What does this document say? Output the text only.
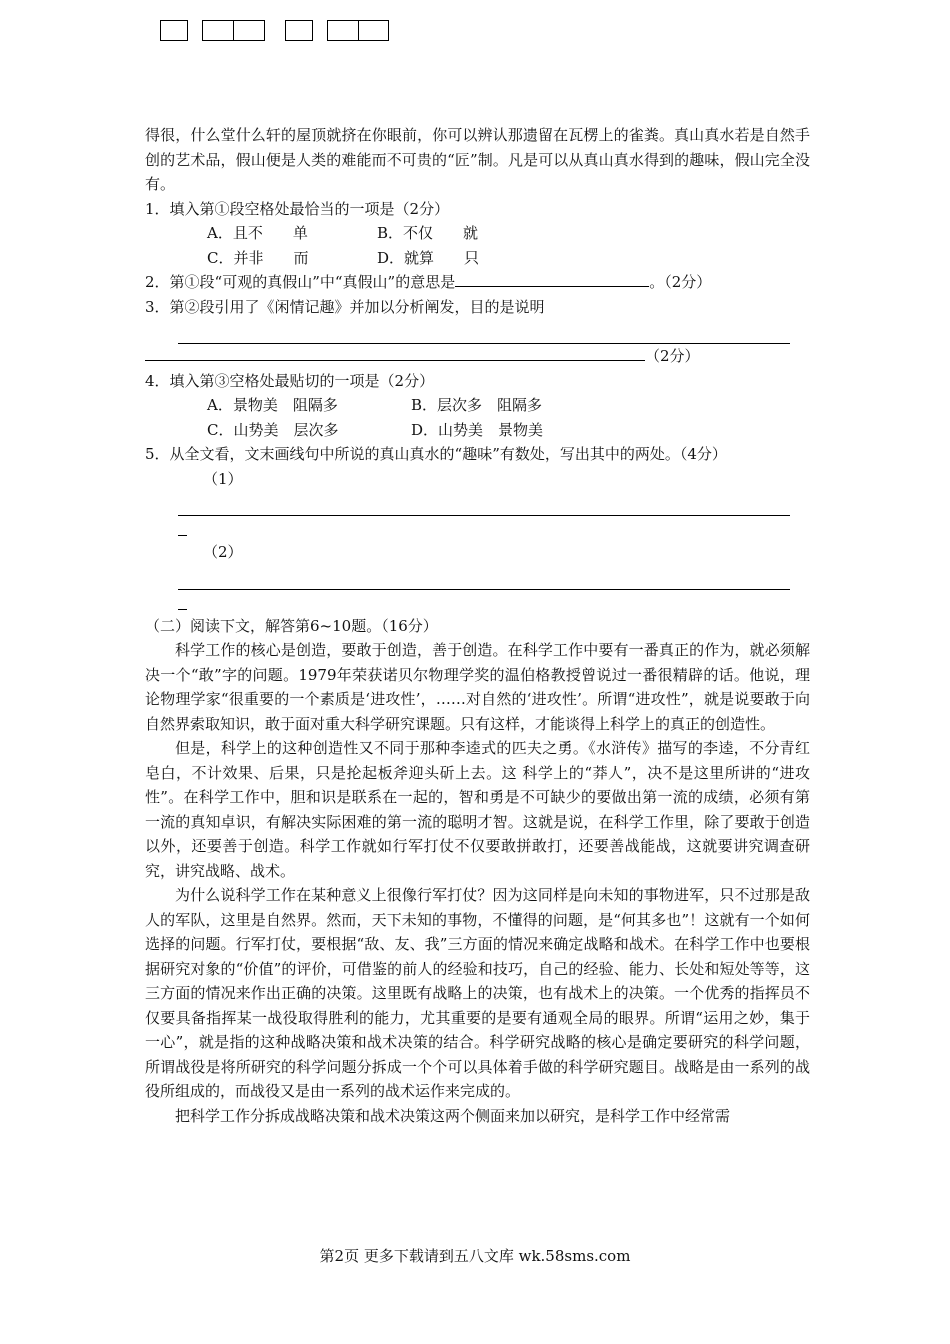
得很，什么堂什么轩的屋顶就挤在你眼前，你可以辨认那遗留在瓦楞上的雀粪。真山真水若是自然手创的艺术品，假山便是人类的难能而不可贵的“匠”制。凡是可以从真山真水得到的趣味，假山完全没有。

1．填入第①段空格处最恰当的一项是（2分）

A．且不　　单	B．不仅　　就
C．并非　　而	D．就算　　只

2．第①段“可观的真假山”中“真假山”的意思是	。（2分）

3．第②段引用了《闲情记趣》并加以分析阐发，目的是说明

（2分）

4．填入第③空格处最贴切的一项是（2分）

A．景物美　阻隔多	B．层次多　阻隔多
C．山势美　层次多	D．山势美　景物美

5．从全文看，文末画线句中所说的真山真水的“趣味”有数处，写出其中的两处。（4分）

（1）
（2）

（二）阅读下文，解答第6~10题。（16分）

科学工作的核心是创造，要敢于创造，善于创造。在科学工作中要有一番真正的作为，就必须解决一个“敢”字的问题。1979年荣获诺贝尔物理学奖的温伯格教授曾说过一番很精辟的话。他说，理论物理学家“很重要的一个素质是‘进攻性’，……对自然的‘进攻性’。所谓“进攻性”，就是说要敢于向自然界索取知识，敢于面对重大科学研究课题。只有这样，才能谈得上科学上的真正的创造性。

但是，科学上的这种创造性又不同于那种李逵式的匹夫之勇。《水浒传》描写的李逵，不分青红皂白，不计效果、后果，只是抡起板斧迎头斫上去。这 科学上的“莽人”，决不是这里所讲的“进攻性”。在科学工作中，胆和识是联系在一起的，智和勇是不可缺少的要做出第一流的成绩，必须有第一流的真知卓识，有解决实际困难的第一流的聪明才智。这就是说，在科学工作里，除了要敢于创造以外，还要善于创造。科学工作就如行军打仗不仅要敢拼敢打，还要善战能战，这就要讲究调查研究，讲究战略、战术。

为什么说科学工作在某种意义上很像行军打仗？因为这同样是向未知的事物进军，只不过那是敌人的军队，这里是自然界。然而，天下未知的事物，不懂得的问题，是“何其多也”！这就有一个如何选择的问题。行军打仗，要根据“敌、友、我”三方面的情况来确定战略和战术。在科学工作中也要根据研究对象的“价值”的评价，可借鉴的前人的经验和技巧，自己的经验、能力、长处和短处等等，这三方面的情况来作出正确的决策。这里既有战略上的决策，也有战术上的决策。一个优秀的指挥员不仅要具备指挥某一战役取得胜利的能力，尤其重要的是要有通观全局的眼界。所谓“运用之妙，集于一心”，就是指的这种战略决策和战术决策的结合。科学研究战略的核心是确定要研究的科学问题，所谓战役是将所研究的科学问题分拆成一个个可以具体着手做的科学研究题目。战略是由一系列的战役所组成的，而战役又是由一系列的战术运作来完成的。

把科学工作分拆成战略决策和战术决策这两个侧面来加以研究，是科学工作中经常需

第2页 更多下载请到五八文库 wk.58sms.com
